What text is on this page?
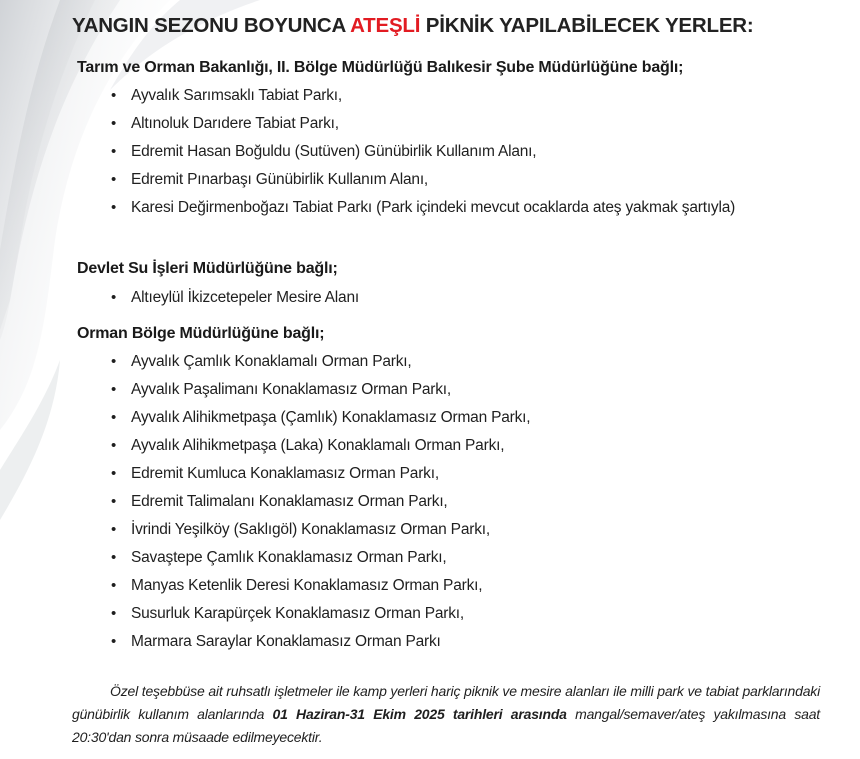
YANGIN SEZONU BOYUNCA ATEŞLİ PİKNİK YAPILABİLECEK YERLER:
Tarım ve Orman Bakanlığı, II. Bölge Müdürlüğü Balıkesir Şube Müdürlüğüne bağlı;
• Ayvalık Sarımsaklı Tabiat Parkı,
• Altınoluk Darıdere Tabiat Parkı,
• Edremit Hasan Boğuldu (Sutüven) Günübirlik Kullanım Alanı,
• Edremit Pınarbaşı Günübirlik Kullanım Alanı,
• Karesi Değirmenboğazı Tabiat Parkı (Park içindeki mevcut ocaklarda ateş yakmak şartıyla)
Devlet Su İşleri Müdürlüğüne bağlı;
• Altıeylül İkizcetepeler Mesire Alanı
Orman Bölge Müdürlüğüne bağlı;
• Ayvalık Çamlık Konaklamalı Orman Parkı,
• Ayvalık Paşalimanı Konaklamasız Orman Parkı,
• Ayvalık Alihikmetpaşa (Çamlık) Konaklamasız Orman Parkı,
• Ayvalık Alihikmetpaşa (Laka) Konaklamalı Orman Parkı,
• Edremit Kumluca Konaklamasız Orman Parkı,
• Edremit Talimalanı Konaklamasız Orman Parkı,
• İvrindi Yeşilköy (Saklıgöl) Konaklamasız Orman Parkı,
• Savaştepe Çamlık Konaklamasız Orman Parkı,
• Manyas Ketenlik Deresi Konaklamasız Orman Parkı,
• Susurluk Karapürçek Konaklamasız Orman Parkı,
• Marmara Saraylar Konaklamasız Orman Parkı
Özel teşebbüse ait ruhsatlı işletmeler ile kamp yerleri hariç piknik ve mesire alanları ile milli park ve tabiat parklarındaki günübirlik kullanım alanlarında 01 Haziran-31 Ekim 2025 tarihleri arasında mangal/semaver/ateş yakılmasına saat 20:30'dan sonra müsaade edilmeyecektir.
